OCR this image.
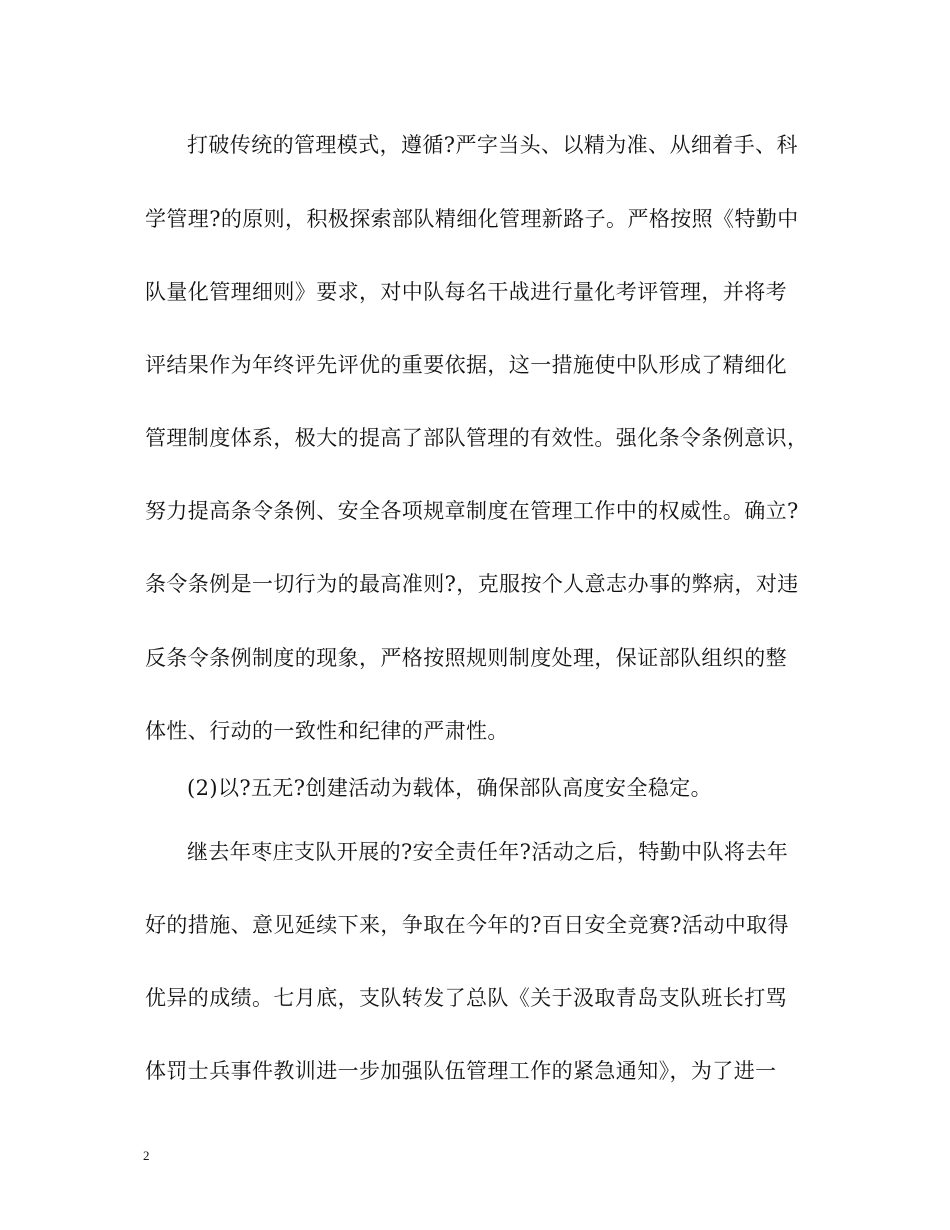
打破传统的管理模式，遵循?严字当头、以精为准、从细着手、科
学管理?的原则，积极探索部队精细化管理新路子。严格按照《特勤中
队量化管理细则》要求，对中队每名干战进行量化考评管理，并将考
评结果作为年终评先评优的重要依据，这一措施使中队形成了精细化
管理制度体系，极大的提高了部队管理的有效性。强化条令条例意识，
努力提高条令条例、安全各项规章制度在管理工作中的权威性。确立?
条令条例是一切行为的最高准则?，克服按个人意志办事的弊病，对违
反条令条例制度的现象，严格按照规则制度处理，保证部队组织的整
体性、行动的一致性和纪律的严肃性。
(2)以?五无?创建活动为载体，确保部队高度安全稳定。
继去年枣庄支队开展的?安全责任年?活动之后，特勤中队将去年
好的措施、意见延续下来，争取在今年的?百日安全竞赛?活动中取得
优异的成绩。七月底，支队转发了总队《关于汲取青岛支队班长打骂
体罚士兵事件教训进一步加强队伍管理工作的紧急通知》，为了进一
2
